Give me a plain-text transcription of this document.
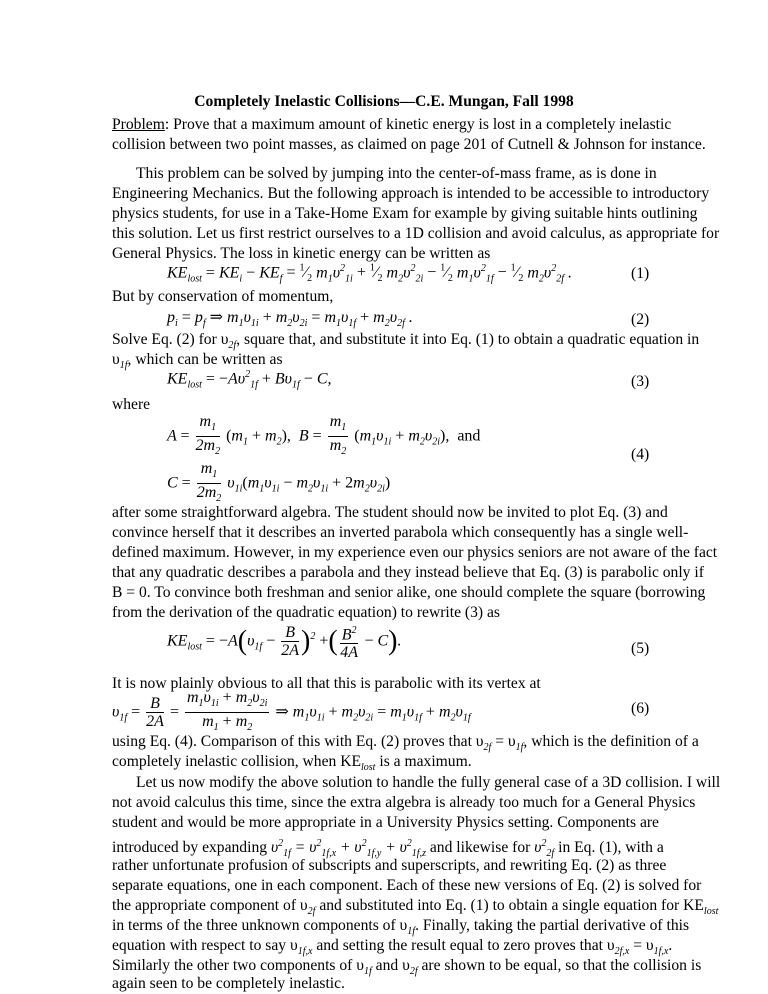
Completely Inelastic Collisions—C.E. Mungan, Fall 1998
Problem: Prove that a maximum amount of kinetic energy is lost in a completely inelastic
collision between two point masses, as claimed on page 201 of Cutnell & Johnson for instance.
This problem can be solved by jumping into the center-of-mass frame, as is done in
Engineering Mechanics. But the following approach is intended to be accessible to introductory
physics students, for use in a Take-Home Exam for example by giving suitable hints outlining
this solution. Let us first restrict ourselves to a 1D collision and avoid calculus, as appropriate for
General Physics. The loss in kinetic energy can be written as
$KE_{lost} = KE_i - KE_f$ = $^1⁄_2$ $m_1\upsilon^2_{1i}$ + $^1⁄_2$ $m_2\upsilon^2_{2i}$ − $^1⁄_2$ $m_1\upsilon^2_{1f}$ − $^1⁄_2$ $m_2\upsilon^2_{2f}$ .	(1)
But by conservation of momentum,
$p_i = p_f$ ⇒ $m_1\upsilon_{1i} + m_2\upsilon_{2i} = m_1\upsilon_{1f} + m_2\upsilon_{2f}$ .	(2)
Solve Eq. (2) for $\upsilon_{2f}$, square that, and substitute it into Eq. (1) to obtain a quadratic equation in
$\upsilon_{1f}$, which can be written as
$KE_{lost} = -A\upsilon^2_{1f} + B\upsilon_{1f} - C$,	(3)
where
$A = \frac{m_1}{2m_2} (m_1 + m_2)$,  $B = \frac{m_1}{m_2} (m_1\upsilon_{1i} + m_2\upsilon_{2i})$,  and
(4)
$C = \frac{m_1}{2m_2} \upsilon_{1i}(m_1\upsilon_{1i} - m_2\upsilon_{1i} + 2m_2\upsilon_{2i})$
after some straightforward algebra. The student should now be invited to plot Eq. (3) and
convince herself that it describes an inverted parabola which consequently has a single well-
defined maximum. However, in my experience even our physics seniors are not aware of the fact
that any quadratic describes a parabola and they instead believe that Eq. (3) is parabolic only if
B = 0. To convince both freshman and senior alike, one should complete the square (borrowing
from the derivation of the quadratic equation) to rewrite (3) as
$KE_{lost} = -A(\upsilon_{1f} - \frac{B}{2A} )^2$ +( $\frac{B^2}{4A} - C$).	(5)
It is now plainly obvious to all that this is parabolic with its vertex at
$\upsilon_{1f} = \frac{B}{2A} = \frac{m_1\upsilon_{1i} + m_2\upsilon_{2i}}{m_1 + m_2}$ ⇒ $m_1\upsilon_{1i} + m_2\upsilon_{2i} = m_1\upsilon_{1f} + m_2\upsilon_{1f}$
(6)
using Eq. (4). Comparison of this with Eq. (2) proves that $\upsilon_{2f} = \upsilon_{1f}$, which is the definition of a
completely inelastic collision, when $KE_{lost}$ is a maximum.
Let us now modify the above solution to handle the fully general case of a 3D collision. I will
not avoid calculus this time, since the extra algebra is already too much for a General Physics
student and would be more appropriate in a University Physics setting. Components are
introduced by expanding $\upsilon^2_{1f} = \upsilon^2_{1f,x} + \upsilon^2_{1f,y} + \upsilon^2_{1f,z}$ and likewise for $\upsilon^2_{2f}$ in Eq. (1), with a
rather unfortunate profusion of subscripts and superscripts, and rewriting Eq. (2) as three
separate equations, one in each component. Each of these new versions of Eq. (2) is solved for
the appropriate component of $\upsilon_{2f}$ and substituted into Eq. (1) to obtain a single equation for $KE_{lost}$
in terms of the three unknown components of $\upsilon_{1f}$. Finally, taking the partial derivative of this
equation with respect to say $\upsilon_{1f,x}$ and setting the result equal to zero proves that $\upsilon_{2f,x} = \upsilon_{1f,x}$.
Similarly the other two components of $\upsilon_{1f}$ and $\upsilon_{2f}$ are shown to be equal, so that the collision is
again seen to be completely inelastic.
